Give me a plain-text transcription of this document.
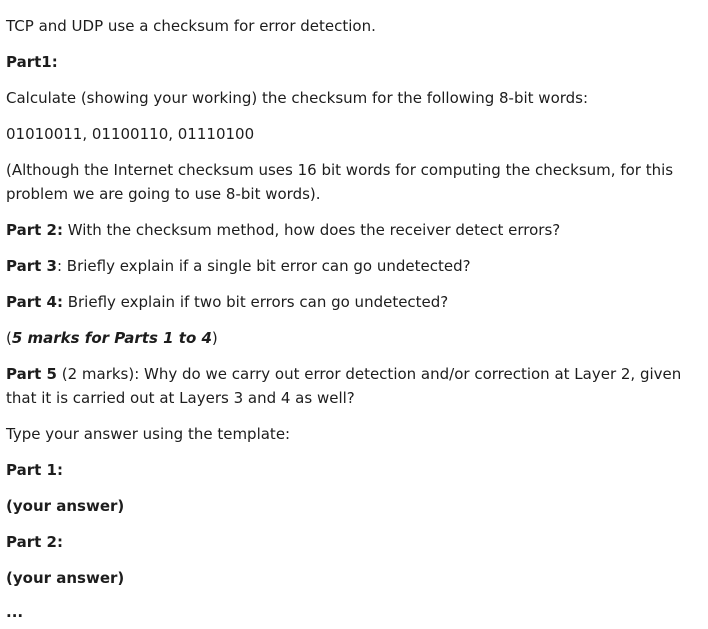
TCP and UDP use a checksum for error detection.
Part1:
Calculate (showing your working) the checksum for the following 8-bit words:
01010011, 01100110, 01110100
(Although the Internet checksum uses 16 bit words for computing the checksum, for this problem we are going to use 8-bit words).
Part 2: With the checksum method, how does the receiver detect errors?
Part 3: Briefly explain if a single bit error can go undetected?
Part 4: Briefly explain if two bit errors can go undetected?
(5 marks for Parts 1 to 4)
Part 5 (2 marks): Why do we carry out error detection and/or correction at Layer 2, given that it is carried out at Layers 3 and 4 as well?
Type your answer using the template:
Part 1:
(your answer)
Part 2:
(your answer)
...
